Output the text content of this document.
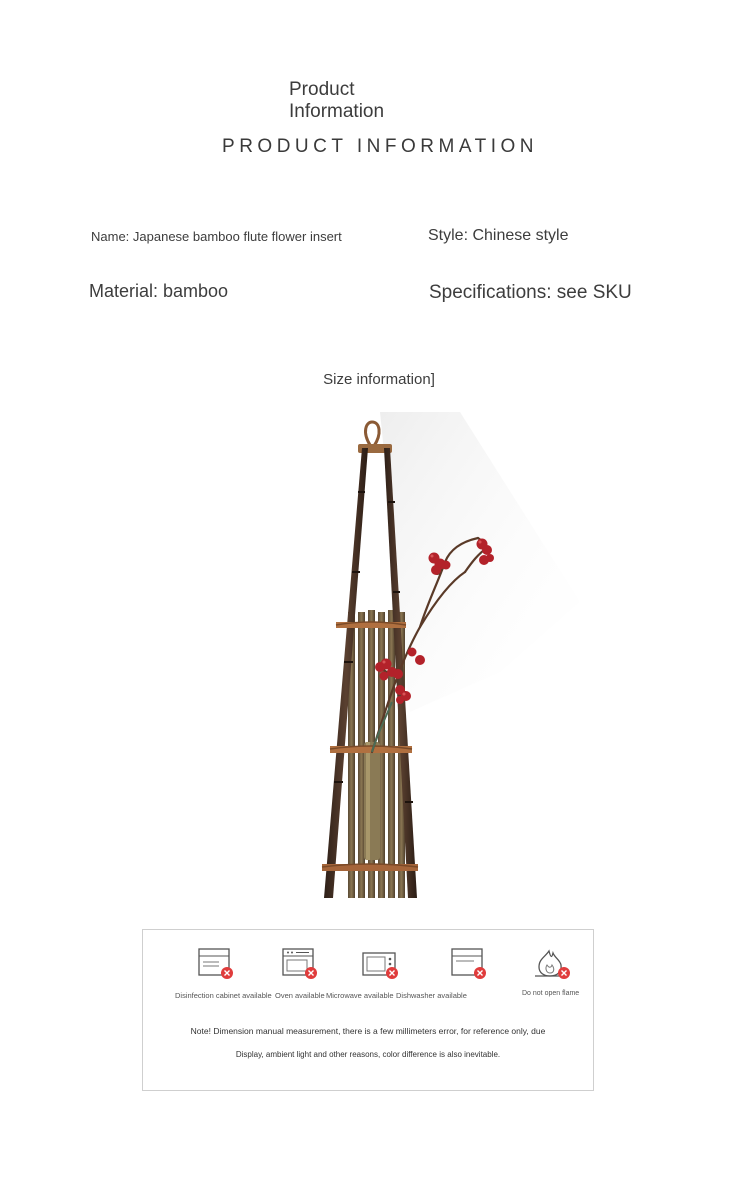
Product
Information
PRODUCT INFORMATION
Name: Japanese bamboo flute flower insert	Style: Chinese style
Material: bamboo	Specifications: see SKU
Size information]
Disinfection cabinet available Oven available Microwave available Dishwasher available	Do not open flame
Note! Dimension manual measurement, there is a few millimeters error, for reference only, due
Display, ambient light and other reasons, color difference is also inevitable.
